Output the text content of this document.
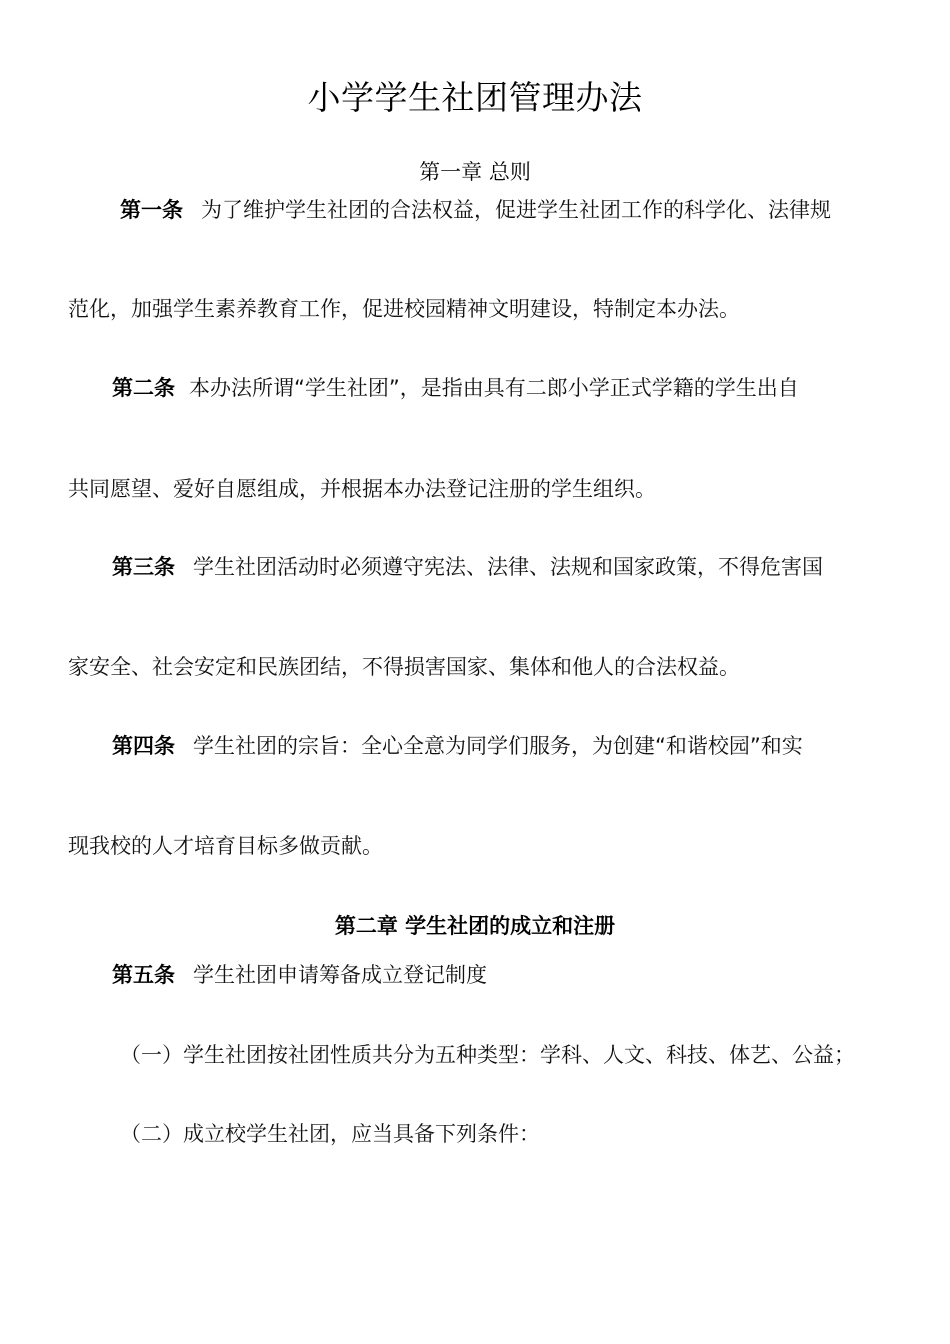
小学学生社团管理办法
第一章 总则
第一条 为了维护学生社团的合法权益，促进学生社团工作的科学化、法律规
范化，加强学生素养教育工作，促进校园精神文明建设，特制定本办法。
第二条 本办法所谓“学生社团”，是指由具有二郎小学正式学籍的学生出自
共同愿望、爱好自愿组成，并根据本办法登记注册的学生组织。
第三条 学生社团活动时必须遵守宪法、法律、法规和国家政策，不得危害国
家安全、社会安定和民族团结，不得损害国家、集体和他人的合法权益。
第四条 学生社团的宗旨：全心全意为同学们服务，为创建“和谐校园”和实
现我校的人才培育目标多做贡献。
第二章 学生社团的成立和注册
第五条 学生社团申请筹备成立登记制度
（一）学生社团按社团性质共分为五种类型：学科、人文、科技、体艺、公益；
（二）成立校学生社团，应当具备下列条件：
